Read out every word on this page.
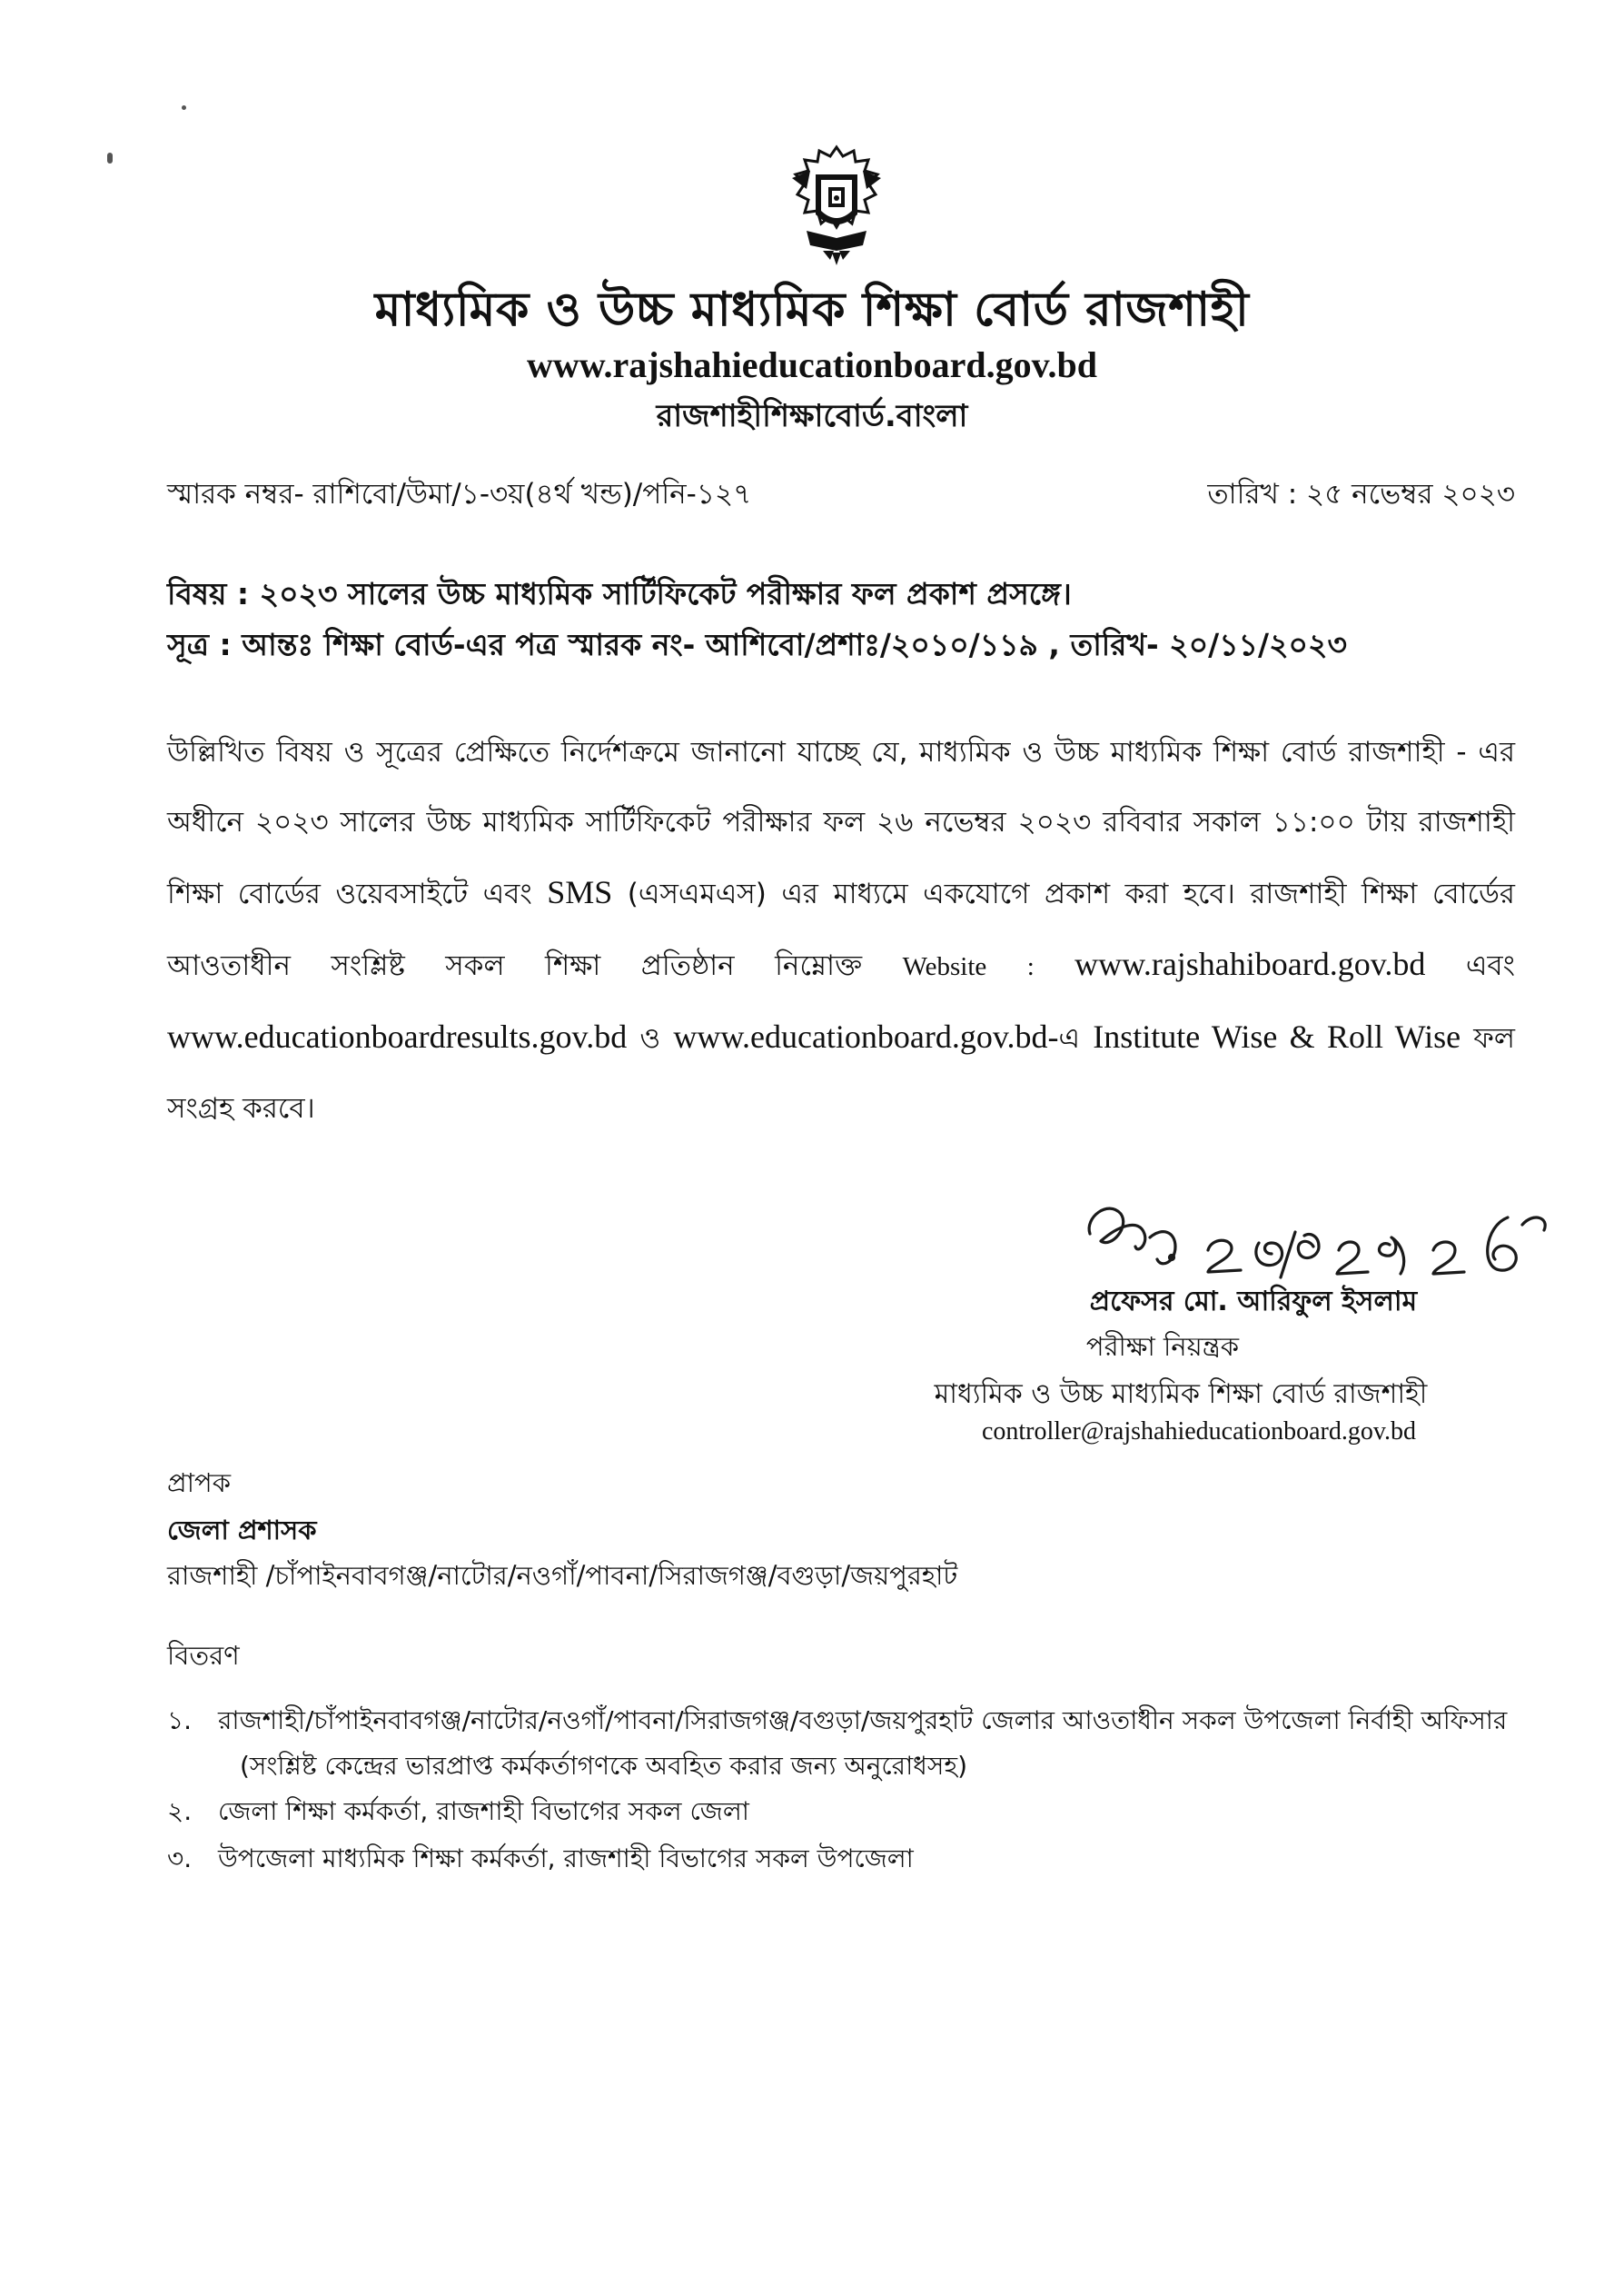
মাধ্যমিক ও উচ্চ মাধ্যমিক শিক্ষা বোর্ড রাজশাহী
www.rajshahieducationboard.gov.bd
রাজশাহীশিক্ষাবোর্ড.বাংলা
স্মারক নম্বর- রাশিবো/উমা/১-৩য়(৪র্থ খন্ড)/পনি-১২৭	তারিখ : ২৫ নভেম্বর ২০২৩
বিষয় : ২০২৩ সালের উচ্চ মাধ্যমিক সার্টিফিকেট পরীক্ষার ফল প্রকাশ প্রসঙ্গে।
সূত্র : আন্তঃ শিক্ষা বোর্ড-এর পত্র স্মারক নং- আশিবো/প্রশাঃ/২০১০/১১৯ , তারিখ- ২০/১১/২০২৩
উল্লিখিত বিষয় ও সূত্রের প্রেক্ষিতে নির্দেশক্রমে জানানো যাচ্ছে যে, মাধ্যমিক ও উচ্চ মাধ্যমিক শিক্ষা বোর্ড রাজশাহী - এর অধীনে ২০২৩ সালের উচ্চ মাধ্যমিক সার্টিফিকেট পরীক্ষার ফল ২৬ নভেম্বর ২০২৩ রবিবার সকাল ১১:০০ টায় রাজশাহী শিক্ষা বোর্ডের ওয়েবসাইটে এবং SMS (এসএমএস) এর মাধ্যমে একযোগে প্রকাশ করা হবে। রাজশাহী শিক্ষা বোর্ডের আওতাধীন সংশ্লিষ্ট সকল শিক্ষা প্রতিষ্ঠান নিম্নোক্ত Website : www.rajshahiboard.gov.bd এবং www.educationboardresults.gov.bd ও www.educationboard.gov.bd-এ Institute Wise & Roll Wise ফল সংগ্রহ করবে।
প্রফেসর মো. আরিফুল ইসলাম
পরীক্ষা নিয়ন্ত্রক
মাধ্যমিক ও উচ্চ মাধ্যমিক শিক্ষা বোর্ড রাজশাহী
controller@rajshahieducationboard.gov.bd
প্রাপক
জেলা প্রশাসক
রাজশাহী /চাঁপাইনবাবগঞ্জ/নাটোর/নওগাঁ/পাবনা/সিরাজগঞ্জ/বগুড়া/জয়পুরহাট
বিতরণ
১. রাজশাহী/চাঁপাইনবাবগঞ্জ/নাটোর/নওগাঁ/পাবনা/সিরাজগঞ্জ/বগুড়া/জয়পুরহাট জেলার আওতাধীন সকল উপজেলা নির্বাহী অফিসার
(সংশ্লিষ্ট কেন্দ্রের ভারপ্রাপ্ত কর্মকর্তাগণকে অবহিত করার জন্য অনুরোধসহ)
২. জেলা শিক্ষা কর্মকর্তা, রাজশাহী বিভাগের সকল জেলা
৩. উপজেলা মাধ্যমিক শিক্ষা কর্মকর্তা, রাজশাহী বিভাগের সকল উপজেলা
